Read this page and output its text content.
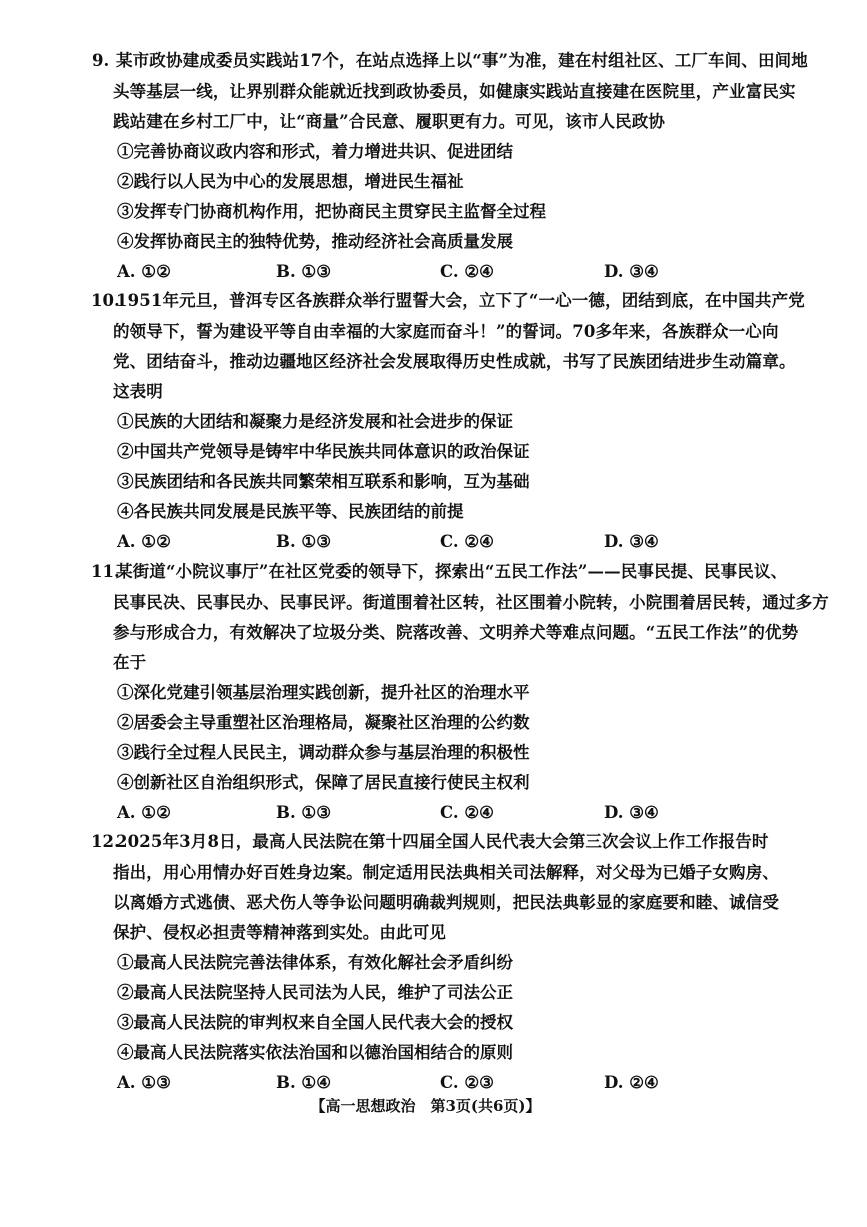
9. 某市政协建成委员实践站17个，在站点选择上以“事”为准，建在村组社区、工厂车间、田间地
头等基层一线，让界别群众能就近找到政协委员，如健康实践站直接建在医院里，产业富民实
践站建在乡村工厂中，让“商量”合民意、履职更有力。可见，该市人民政协
①完善协商议政内容和形式，着力增进共识、促进团结
②践行以人民为中心的发展思想，增进民生福祉
③发挥专门协商机构作用，把协商民主贯穿民主监督全过程
④发挥协商民主的独特优势，推动经济社会高质量发展
A. ①②	B. ①③	C. ②④	D. ③④
10.
1951年元旦，普洱专区各族群众举行盟誓大会，立下了“一心一德，团结到底，在中国共产党
的领导下，誓为建设平等自由幸福的大家庭而奋斗！”的誓词。70多年来，各族群众一心向
党、团结奋斗，推动边疆地区经济社会发展取得历史性成就，书写了民族团结进步生动篇章。
这表明
①民族的大团结和凝聚力是经济发展和社会进步的保证
②中国共产党领导是铸牢中华民族共同体意识的政治保证
③民族团结和各民族共同繁荣相互联系和影响，互为基础
④各民族共同发展是民族平等、民族团结的前提
A. ①②	B. ①③	C. ②④	D. ③④
11.
某街道“小院议事厅”在社区党委的领导下，探索出“五民工作法”——民事民提、民事民议、
民事民决、民事民办、民事民评。街道围着社区转，社区围着小院转，小院围着居民转，通过多方
参与形成合力，有效解决了垃圾分类、院落改善、文明养犬等难点问题。“五民工作法”的优势
在于
①深化党建引领基层治理实践创新，提升社区的治理水平
②居委会主导重塑社区治理格局，凝聚社区治理的公约数
③践行全过程人民民主，调动群众参与基层治理的积极性
④创新社区自治组织形式，保障了居民直接行使民主权利
A. ①②	B. ①③	C. ②④	D. ③④
12.
2025年3月8日，最高人民法院在第十四届全国人民代表大会第三次会议上作工作报告时
指出，用心用情办好百姓身边案。制定适用民法典相关司法解释，对父母为已婚子女购房、
以离婚方式逃债、恶犬伤人等争讼问题明确裁判规则，把民法典彰显的家庭要和睦、诚信受
保护、侵权必担责等精神落到实处。由此可见
①最高人民法院完善法律体系，有效化解社会矛盾纠纷
②最高人民法院坚持人民司法为人民，维护了司法公正
③最高人民法院的审判权来自全国人民代表大会的授权
④最高人民法院落实依法治国和以德治国相结合的原则
A. ①③	B. ①④	C. ②③	D. ②④
【高一思想政治　第3页(共6页)】
